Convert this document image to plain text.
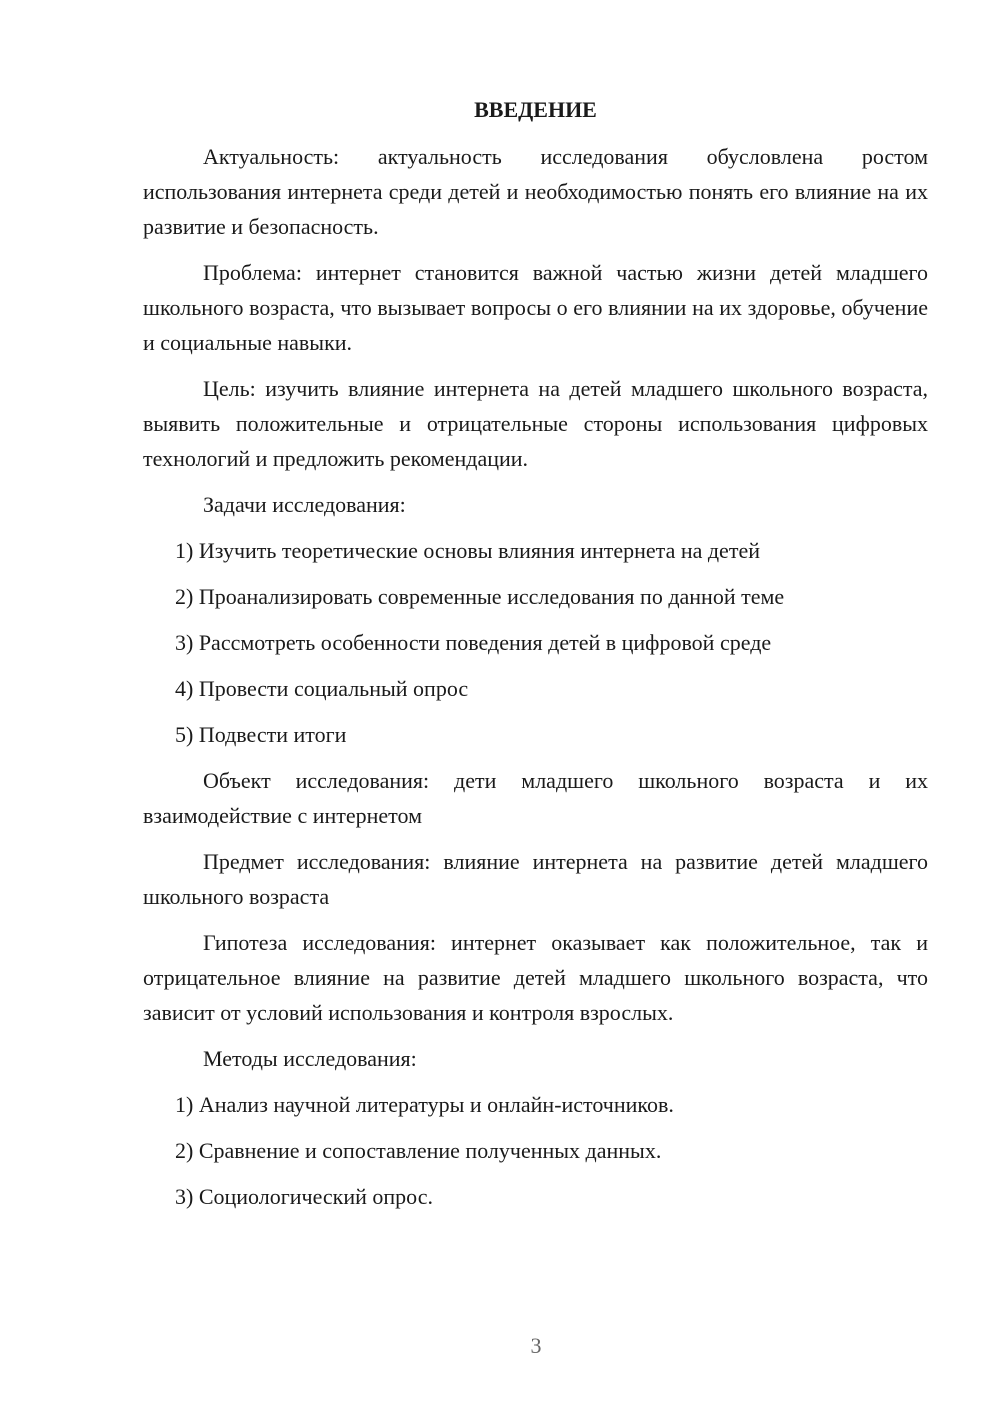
ВВЕДЕНИЕ

Актуальность: актуальность исследования обусловлена ростом использования интернета среди детей и необходимостью понять его влияние на их развитие и безопасность.

Проблема: интернет становится важной частью жизни детей младшего школьного возраста, что вызывает вопросы о его влиянии на их здоровье, обучение и социальные навыки.

Цель: изучить влияние интернета на детей младшего школьного возраста, выявить положительные и отрицательные стороны использования цифровых технологий и предложить рекомендации.

Задачи исследования:

1) Изучить теоретические основы влияния интернета на детей
2) Проанализировать современные исследования по данной теме
3) Рассмотреть особенности поведения детей в цифровой среде
4) Провести социальный опрос
5) Подвести итоги

Объект исследования: дети младшего школьного возраста и их взаимодействие с интернетом

Предмет исследования: влияние интернета на развитие детей младшего школьного возраста

Гипотеза исследования: интернет оказывает как положительное, так и отрицательное влияние на развитие детей младшего школьного возраста, что зависит от условий использования и контроля взрослых.

Методы исследования:

1) Анализ научной литературы и онлайн-источников.
2) Сравнение и сопоставление полученных данных.
3) Социологический опрос.
3
